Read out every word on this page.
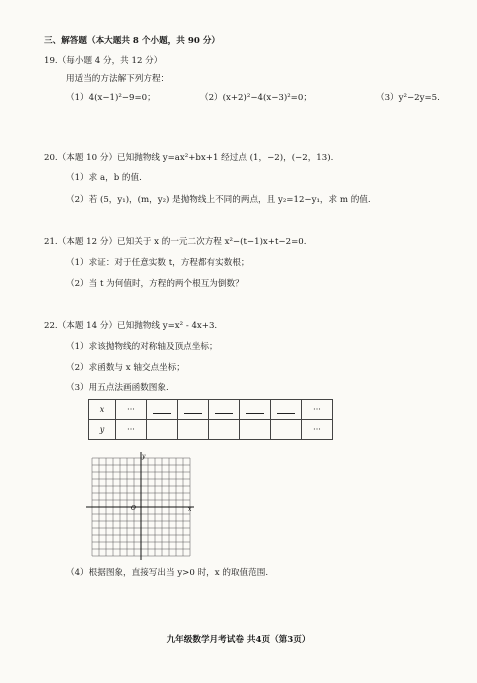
三、解答题（本大题共 8 个小题，共 90 分）
19.（每小题 4 分，共 12 分）
用适当的方法解下列方程：
（1）4(x−1)²−9=0；	（2）(x+2)²−4(x−3)²=0；	（3）y²−2y=5.
20.（本题 10 分）已知抛物线 y=ax²+bx+1 经过点 (1，−2)，(−2，13).
（1）求 a，b 的值.
（2）若 (5，y₁)，(m，y₂) 是抛物线上不同的两点，且 y₂=12−y₁，求 m 的值.
21.（本题 12 分）已知关于 x 的一元二次方程 x²−(t−1)x+t−2=0.
（1）求证：对于任意实数 t，方程都有实数根；
（2）当 t 为何值时，方程的两个根互为倒数？
22.（本题 14 分）已知抛物线 y=x² - 4x+3.
（1）求该抛物线的对称轴及顶点坐标；
（2）求函数与 x 轴交点坐标；
（3）用五点法画函数图象.
x	···						···
y	···						···
y
x
O
（4）根据图象，直接写出当 y>0 时，x 的取值范围.
九年级数学月考试卷 共4页（第3页）
